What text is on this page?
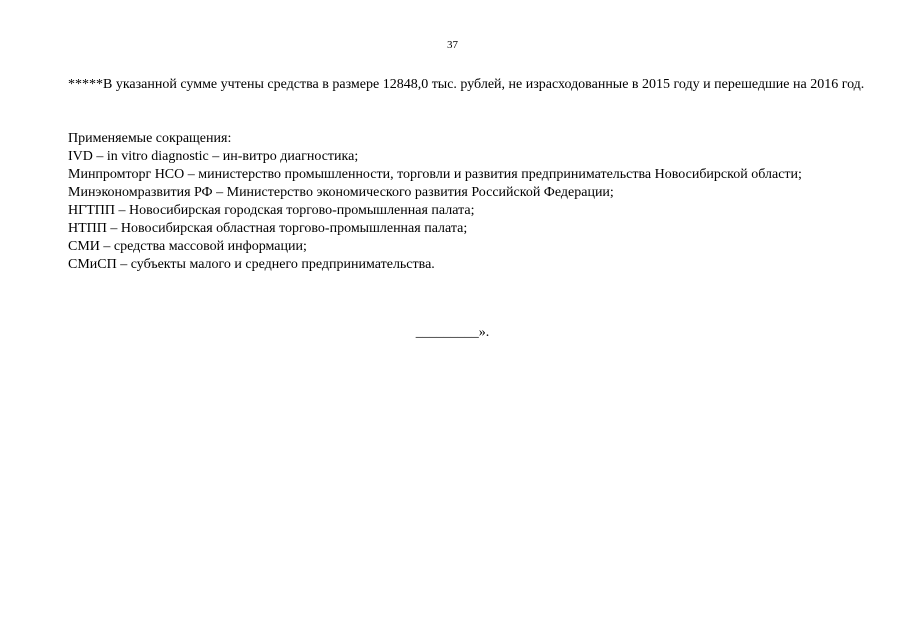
37

*****В указанной сумме учтены средства в размере 12848,0 тыс. рублей, не израсходованные в 2015 году и перешедшие на 2016 год.

Применяемые сокращения:
IVD – in vitro diagnostic – ин-витро диагностика;
Минпромторг НСО – министерство промышленности, торговли и развития предпринимательства Новосибирской области;
Минэкономразвития РФ – Министерство экономического развития Российской Федерации;
НГТПП – Новосибирская городская торгово-промышленная палата;
НТПП – Новосибирская областная торгово-промышленная палата;
СМИ – средства массовой информации;
СМиСП – субъекты малого и среднего предпринимательства.
_________».
